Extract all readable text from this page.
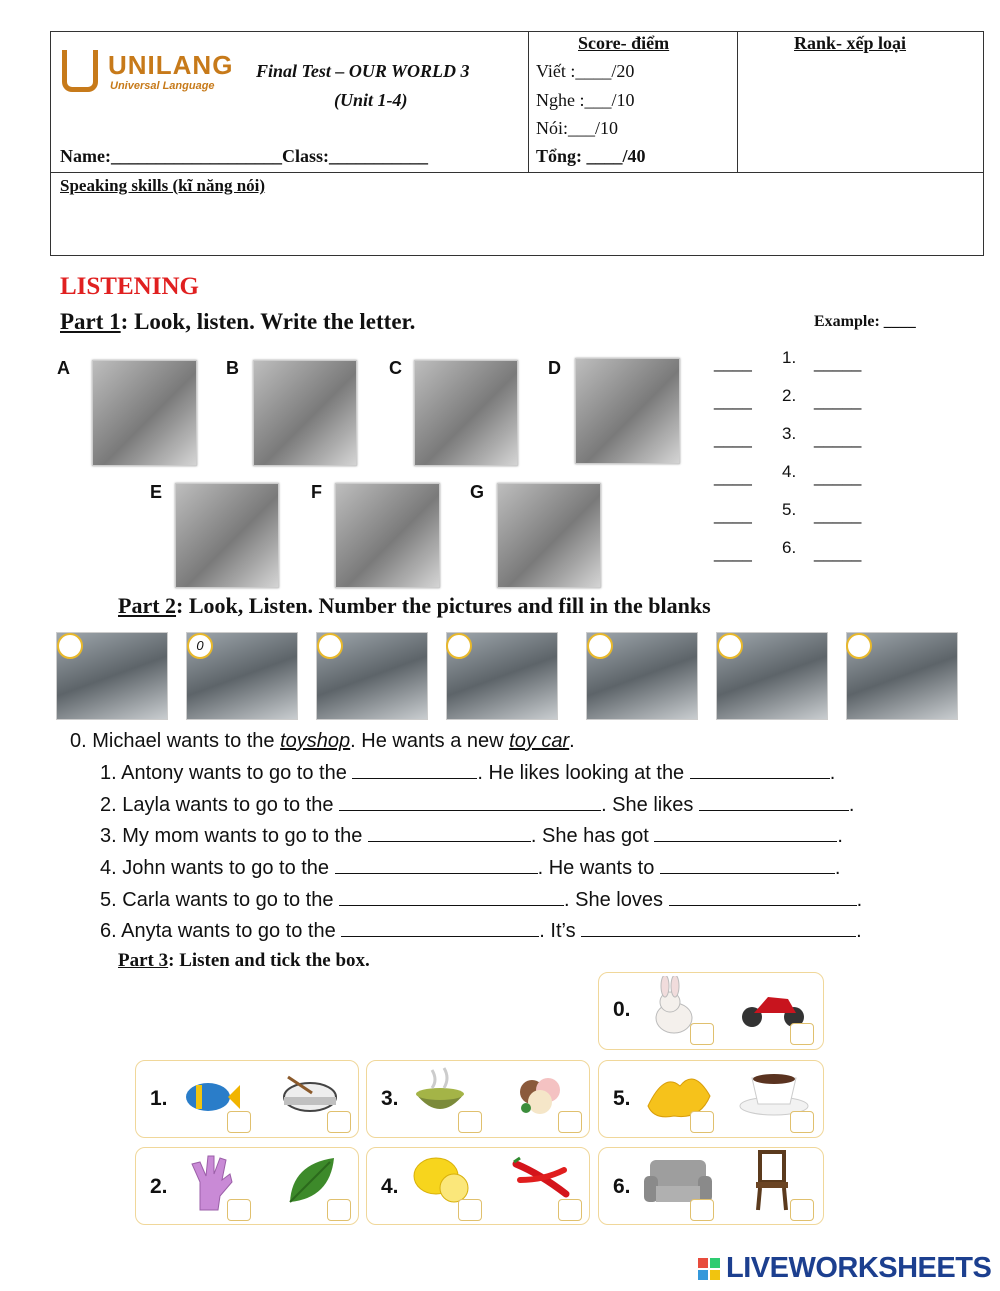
UNILANG
Universal Language
Final Test – OUR WORLD 3
(Unit 1-4)
Name:___________________Class:___________
Score- điểm
Viết :____/20
Nghe :___/10
Nói:___/10
Tổng: ____/40
Rank- xếp loại
Speaking skills (kĩ năng nói)
LISTENING
Part 1: Look, listen. Write the letter.	Example: ____
A	B	C	D
E	F	G
____ 1. _____
____ 2. _____
____ 3. _____
____ 4. _____
____ 5. _____
____ 6. _____
Part 2: Look, Listen. Number the pictures and fill in the blanks
0
0. Michael wants to the toyshop. He wants a new toy car.
1. Antony wants to go to the	. He likes looking at the	.
2. Layla wants to go to the	. She likes	.
3. My mom wants to go to the	. She has got	.
4. John wants to go to the	. He wants to	.
5. Carla wants to go to the	. She loves	.
6. Anyta wants to go to the	. It’s	.
Part 3: Listen and tick the box.
0.
1.	3.	5.
2.	4.	6.
LIVEWORKSHEETS
